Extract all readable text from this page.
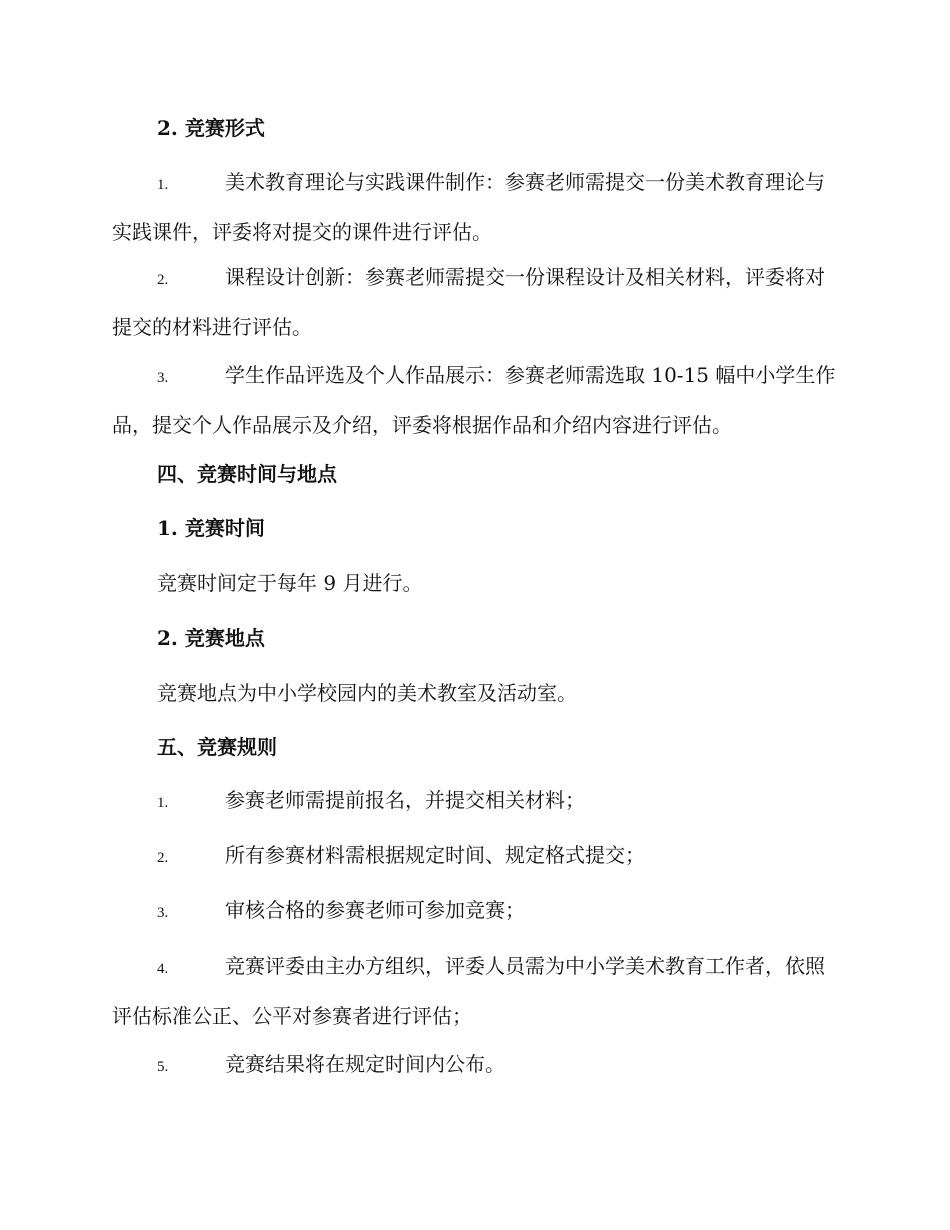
2. 竞赛形式
1.	美术教育理论与实践课件制作：参赛老师需提交一份美术教育理论与实践课件，评委将对提交的课件进行评估。
2.	课程设计创新：参赛老师需提交一份课程设计及相关材料，评委将对提交的材料进行评估。
3.	学生作品评选及个人作品展示：参赛老师需选取 10-15 幅中小学生作品，提交个人作品展示及介绍，评委将根据作品和介绍内容进行评估。
四、竞赛时间与地点
1. 竞赛时间
竞赛时间定于每年 9 月进行。
2. 竞赛地点
竞赛地点为中小学校园内的美术教室及活动室。
五、竞赛规则
1.	参赛老师需提前报名，并提交相关材料；
2.	所有参赛材料需根据规定时间、规定格式提交；
3.	审核合格的参赛老师可参加竞赛；
4.	竞赛评委由主办方组织，评委人员需为中小学美术教育工作者，依照评估标准公正、公平对参赛者进行评估；
5.	竞赛结果将在规定时间内公布。
